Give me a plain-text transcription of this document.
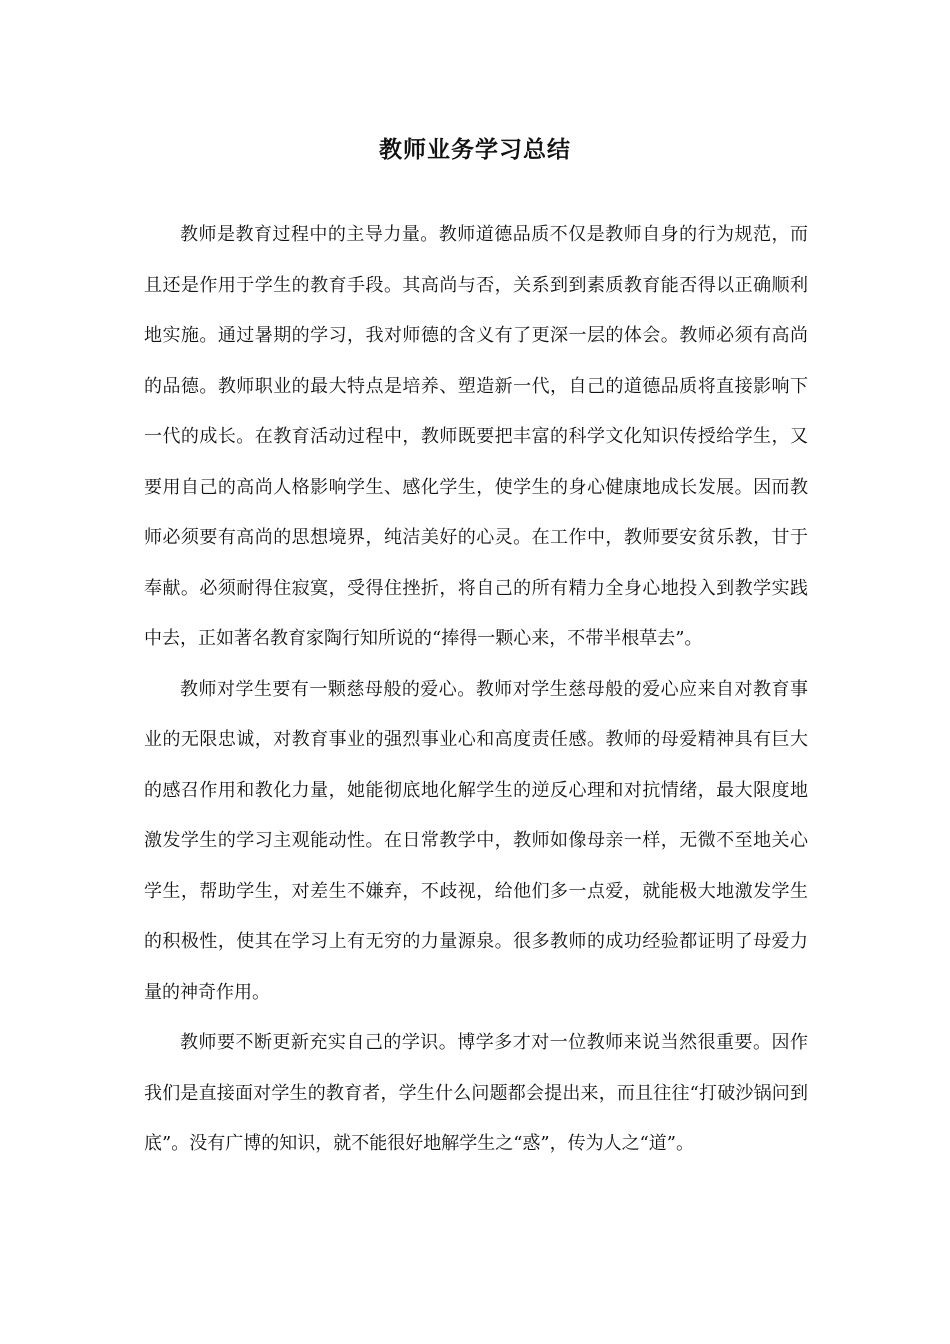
教师业务学习总结

教师是教育过程中的主导力量。教师道德品质不仅是教师自身的行为规范，而且还是作用于学生的教育手段。其高尚与否，关系到到素质教育能否得以正确顺利地实施。通过暑期的学习，我对师德的含义有了更深一层的体会。教师必须有高尚的品德。教师职业的最大特点是培养、塑造新一代，自己的道德品质将直接影响下一代的成长。在教育活动过程中，教师既要把丰富的科学文化知识传授给学生，又要用自己的高尚人格影响学生、感化学生，使学生的身心健康地成长发展。因而教师必须要有高尚的思想境界，纯洁美好的心灵。在工作中，教师要安贫乐教，甘于奉献。必须耐得住寂寞，受得住挫折，将自己的所有精力全身心地投入到教学实践中去，正如著名教育家陶行知所说的“捧得一颗心来，不带半根草去”。

教师对学生要有一颗慈母般的爱心。教师对学生慈母般的爱心应来自对教育事业的无限忠诚，对教育事业的强烈事业心和高度责任感。教师的母爱精神具有巨大的感召作用和教化力量，她能彻底地化解学生的逆反心理和对抗情绪，最大限度地激发学生的学习主观能动性。在日常教学中，教师如像母亲一样，无微不至地关心学生，帮助学生，对差生不嫌弃，不歧视，给他们多一点爱，就能极大地激发学生的积极性，使其在学习上有无穷的力量源泉。很多教师的成功经验都证明了母爱力量的神奇作用。

教师要不断更新充实自己的学识。博学多才对一位教师来说当然很重要。因作我们是直接面对学生的教育者，学生什么问题都会提出来，而且往往“打破沙锅问到底”。没有广博的知识，就不能很好地解学生之“惑”，传为人之“道”。
